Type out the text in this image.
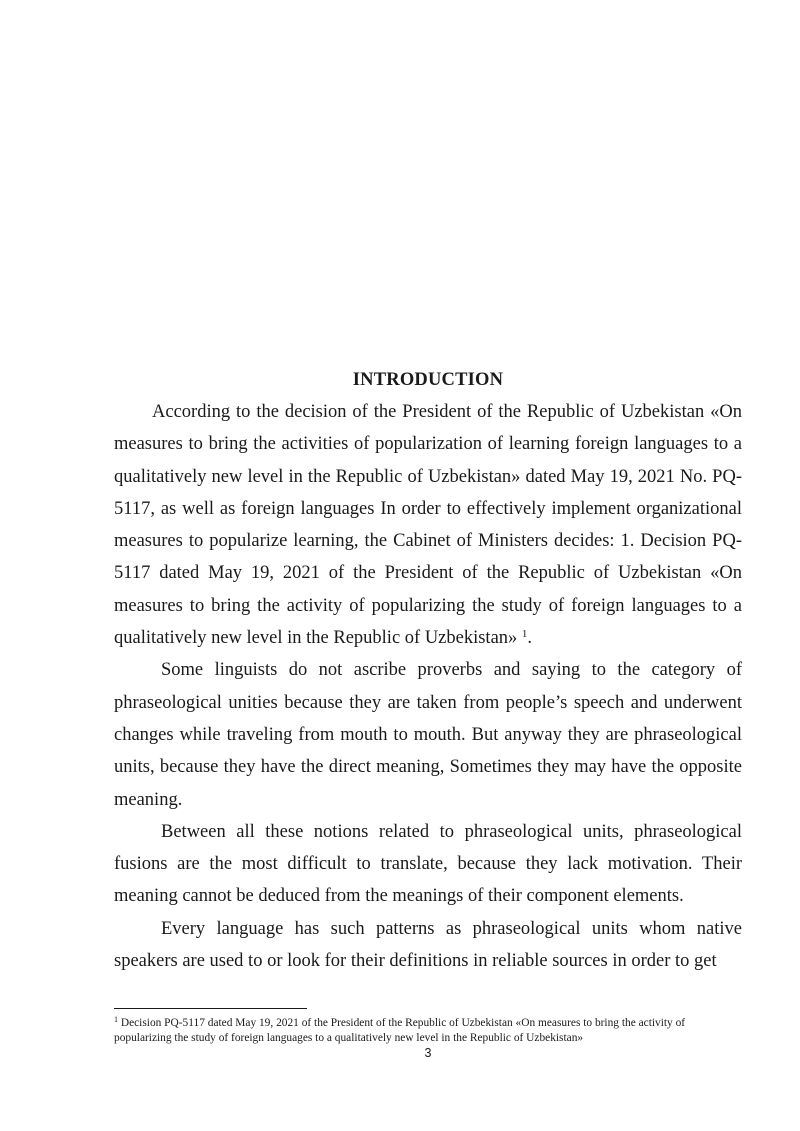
INTRODUCTION

According to the decision of the President of the Republic of Uzbekistan «On measures to bring the activities of popularization of learning foreign languages to a qualitatively new level in the Republic of Uzbekistan» dated May 19, 2021 No. PQ-5117, as well as foreign languages In order to effectively implement organizational measures to popularize learning, the Cabinet of Ministers decides: 1. Decision PQ-5117 dated May 19, 2021 of the President of the Republic of Uzbekistan «On measures to bring the activity of popularizing the study of foreign languages to a qualitatively new level in the Republic of Uzbekistan» $^1$.

Some linguists do not ascribe proverbs and saying to the category of phraseological unities because they are taken from people’s speech and underwent changes while traveling from mouth to mouth. But anyway they are phraseological units, because they have the direct meaning, Sometimes they may have the opposite meaning.

Between all these notions related to phraseological units, phraseological fusions are the most difficult to translate, because they lack motivation. Their meaning cannot be deduced from the meanings of their component elements.

Every language has such patterns as phraseological units whom native speakers are used to or look for their definitions in reliable sources in order to get

$^1$ Decision PQ-5117 dated May 19, 2021 of the President of the Republic of Uzbekistan «On measures to bring the activity of popularizing the study of foreign languages to a qualitatively new level in the Republic of Uzbekistan»
3
